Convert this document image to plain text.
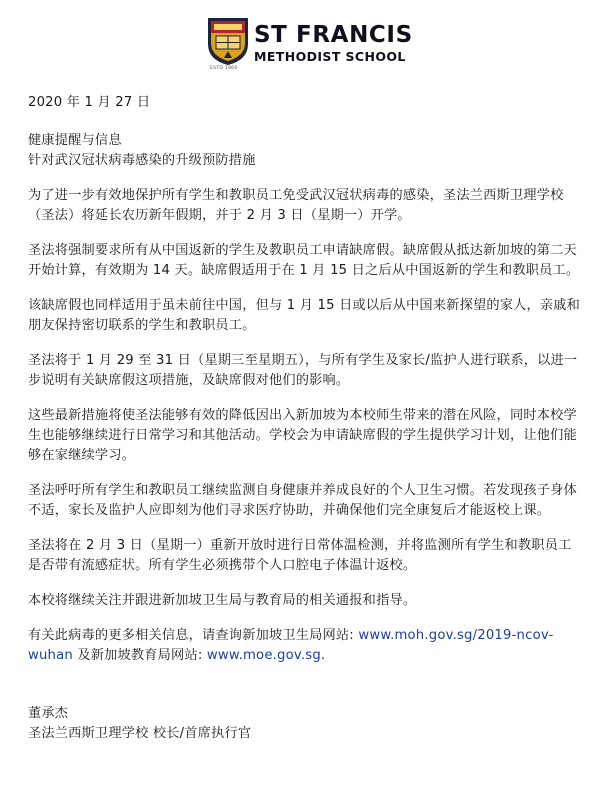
ESTD 1960
ST FRANCIS
METHODIST SCHOOL

2020 年 1 月 27 日

健康提醒与信息
针对武汉冠状病毒感染的升级预防措施

为了进一步有效地保护所有学生和教职员工免受武汉冠状病毒的感染，圣法兰西斯卫理学校（圣法）将延长农历新年假期，并于 2 月 3 日（星期一）开学。

圣法将强制要求所有从中国返新的学生及教职员工申请缺席假。缺席假从抵达新加坡的第二天开始计算，有效期为 14 天。缺席假适用于在 1 月 15 日之后从中国返新的学生和教职员工。

该缺席假也同样适用于虽未前往中国，但与 1 月 15 日或以后从中国来新探望的家人，亲戚和朋友保持密切联系的学生和教职员工。

圣法将于 1 月 29 至 31 日（星期三至星期五），与所有学生及家长/监护人进行联系，以进一步说明有关缺席假这项措施，及缺席假对他们的影响。

这些最新措施将使圣法能够有效的降低因出入新加坡为本校师生带来的潜在风险，同时本校学生也能够继续进行日常学习和其他活动。学校会为申请缺席假的学生提供学习计划，让他们能够在家继续学习。

圣法呼吁所有学生和教职员工继续监测自身健康并养成良好的个人卫生习惯。若发现孩子身体不适，家长及监护人应即刻为他们寻求医疗协助，并确保他们完全康复后才能返校上课。

圣法将在 2 月 3 日（星期一）重新开放时进行日常体温检测，并将监测所有学生和教职员工是否带有流感症状。所有学生必须携带个人口腔电子体温计返校。

本校将继续关注并跟进新加坡卫生局与教育局的相关通报和指导。

有关此病毒的更多相关信息，请查询新加坡卫生局网站: www.moh.gov.sg/2019-ncov-wuhan 及新加坡教育局网站: www.moe.gov.sg.

董承杰
圣法兰西斯卫理学校 校长/首席执行官
